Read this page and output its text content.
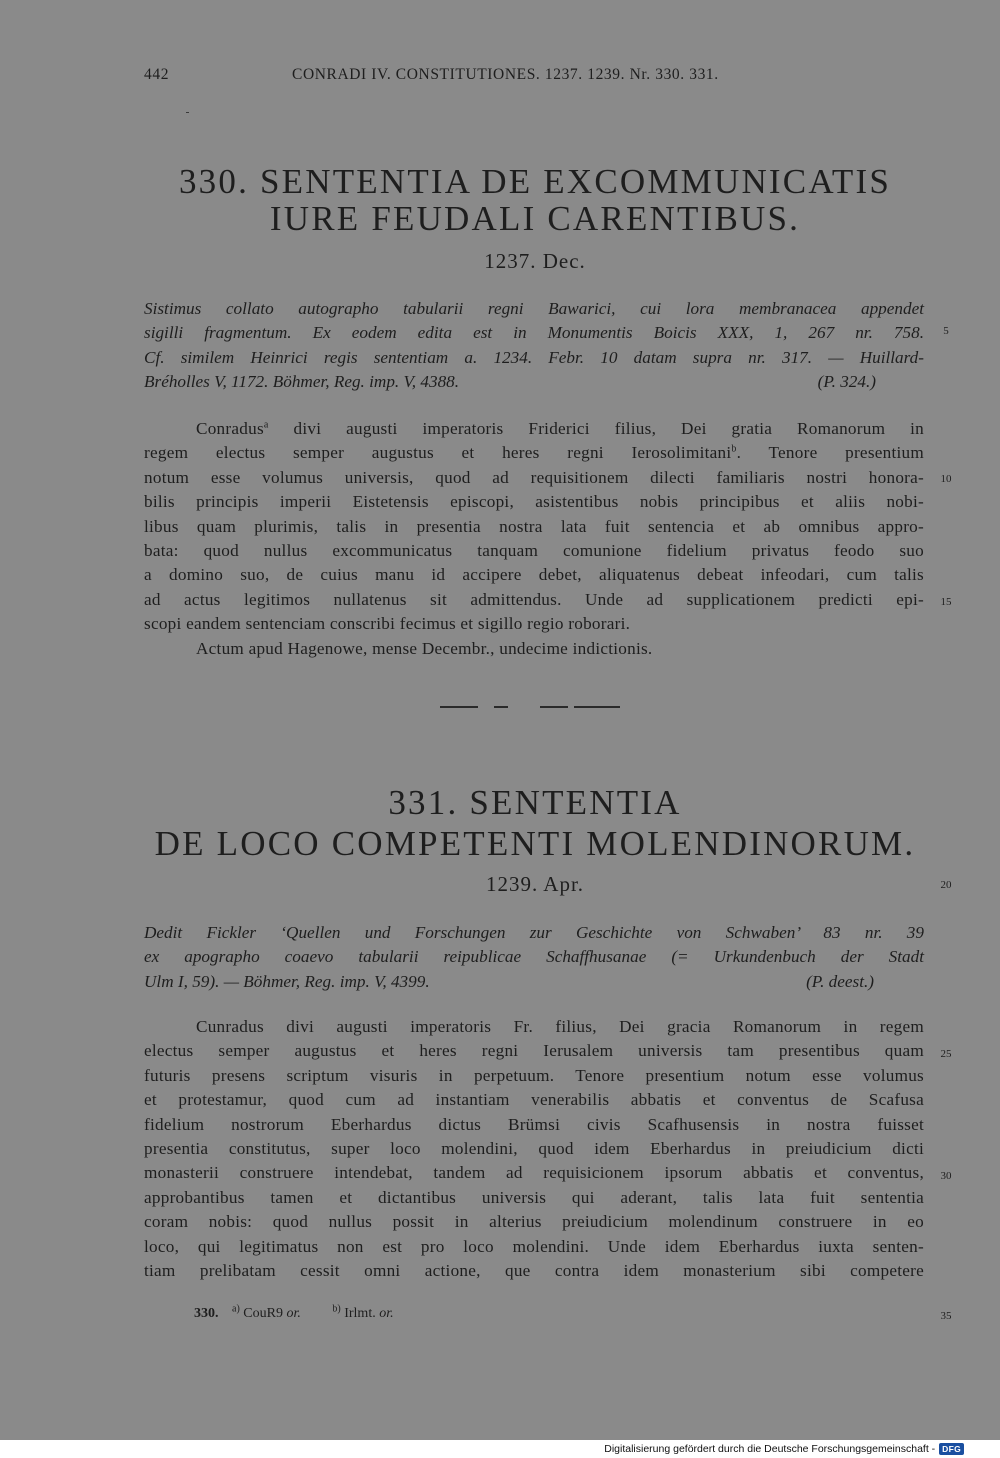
442	CONRADI IV. CONSTITUTIONES. 1237. 1239. Nr. 330. 331.
330. SENTENTIA DE EXCOMMUNICATIS
IURE FEUDALI CARENTIBUS.
1237. Dec.
Sistimus collato autographo tabularii regni Bawarici, cui lora membranacea appendet
sigilli fragmentum. Ex eodem edita est in Monumentis Boicis XXX, 1, 267 nr. 758.
Cf. similem Heinrici regis sententiam a. 1234. Febr. 10 datam supra nr. 317. — Huillard-
Bréholles V, 1172. Böhmer, Reg. imp. V, 4388.	(P. 324.)
Conradus$^a$ divi augusti imperatoris Friderici filius, Dei gratia Romanorum in
regem electus semper augustus et heres regni Ierosolimitani$^b$. Tenore presentium
notum esse volumus universis, quod ad requisitionem dilecti familiaris nostri honora-
bilis principis imperii Eistetensis episcopi, asistentibus nobis principibus et aliis nobi-
libus quam plurimis, talis in presentia nostra lata fuit sentencia et ab omnibus appro-
bata: quod nullus excommunicatus tanquam comunione fidelium privatus feodo suo
a domino suo, de cuius manu id accipere debet, aliquatenus debeat infeodari, cum talis
ad actus legitimos nullatenus sit admittendus. Unde ad supplicationem predicti epi-
scopi eandem sentenciam conscribi fecimus et sigillo regio roborari.
Actum apud Hagenowe, mense Decembr., undecime indictionis.
331. SENTENTIA
DE LOCO COMPETENTI MOLENDINORUM.
1239. Apr.
Dedit Fickler ‘Quellen und Forschungen zur Geschichte von Schwaben’ 83 nr. 39
ex apographo coaevo tabularii reipublicae Schaffhusanae (= Urkundenbuch der Stadt
Ulm I, 59). — Böhmer, Reg. imp. V, 4399.	(P. deest.)
Cunradus divi augusti imperatoris Fr. filius, Dei gracia Romanorum in regem
electus semper augustus et heres regni Ierusalem universis tam presentibus quam
futuris presens scriptum visuris in perpetuum. Tenore presentium notum esse volumus
et protestamur, quod cum ad instantiam venerabilis abbatis et conventus de Scafusa
fidelium nostrorum Eberhardus dictus Brümsi civis Scafhusensis in nostra fuisset
presentia constitutus, super loco molendini, quod idem Eberhardus in preiudicium dicti
monasterii construere intendebat, tandem ad requisicionem ipsorum abbatis et conventus,
approbantibus tamen et dictantibus universis qui aderant, talis lata fuit sententia
coram nobis: quod nullus possit in alterius preiudicium molendinum construere in eo
loco, qui legitimatus non est pro loco molendini. Unde idem Eberhardus iuxta senten-
tiam prelibatam cessit omni actione, que contra idem monasterium sibi competere
5
10
15
20
25
30
35
330. $^{a)}$ CouR9 or.	$^{b)}$ Irlmt. or.
Digitalisierung gefördert durch die Deutsche Forschungsgemeinschaft - DFG
